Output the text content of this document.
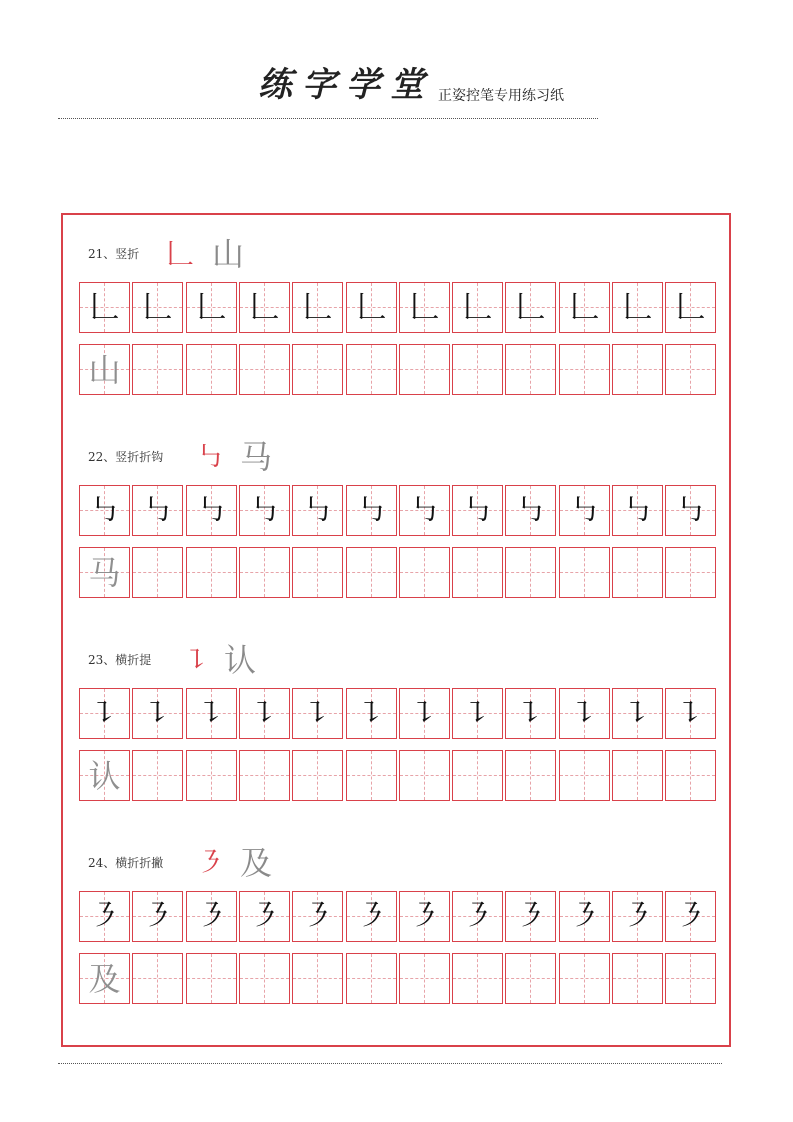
练字学堂 正姿控笔专用练习纸
21、竖折 𠃊 山
𠃊 𠃊 𠃊 𠃊 𠃊 𠃊 𠃊 𠃊 𠃊 𠃊 𠃊 𠃊
山
22、竖折折钩 ㇉ 马
㇉ ㇉ ㇉ ㇉ ㇉ ㇉ ㇉ ㇉ ㇉ ㇉ ㇉ ㇉
马
23、横折提 ㇊ 认
㇊ ㇊ ㇊ ㇊ ㇊ ㇊ ㇊ ㇊ ㇊ ㇊ ㇊ ㇊
认
24、横折折撇 ㇋ 及
㇋ ㇋ ㇋ ㇋ ㇋ ㇋ ㇋ ㇋ ㇋ ㇋ ㇋ ㇋
及
